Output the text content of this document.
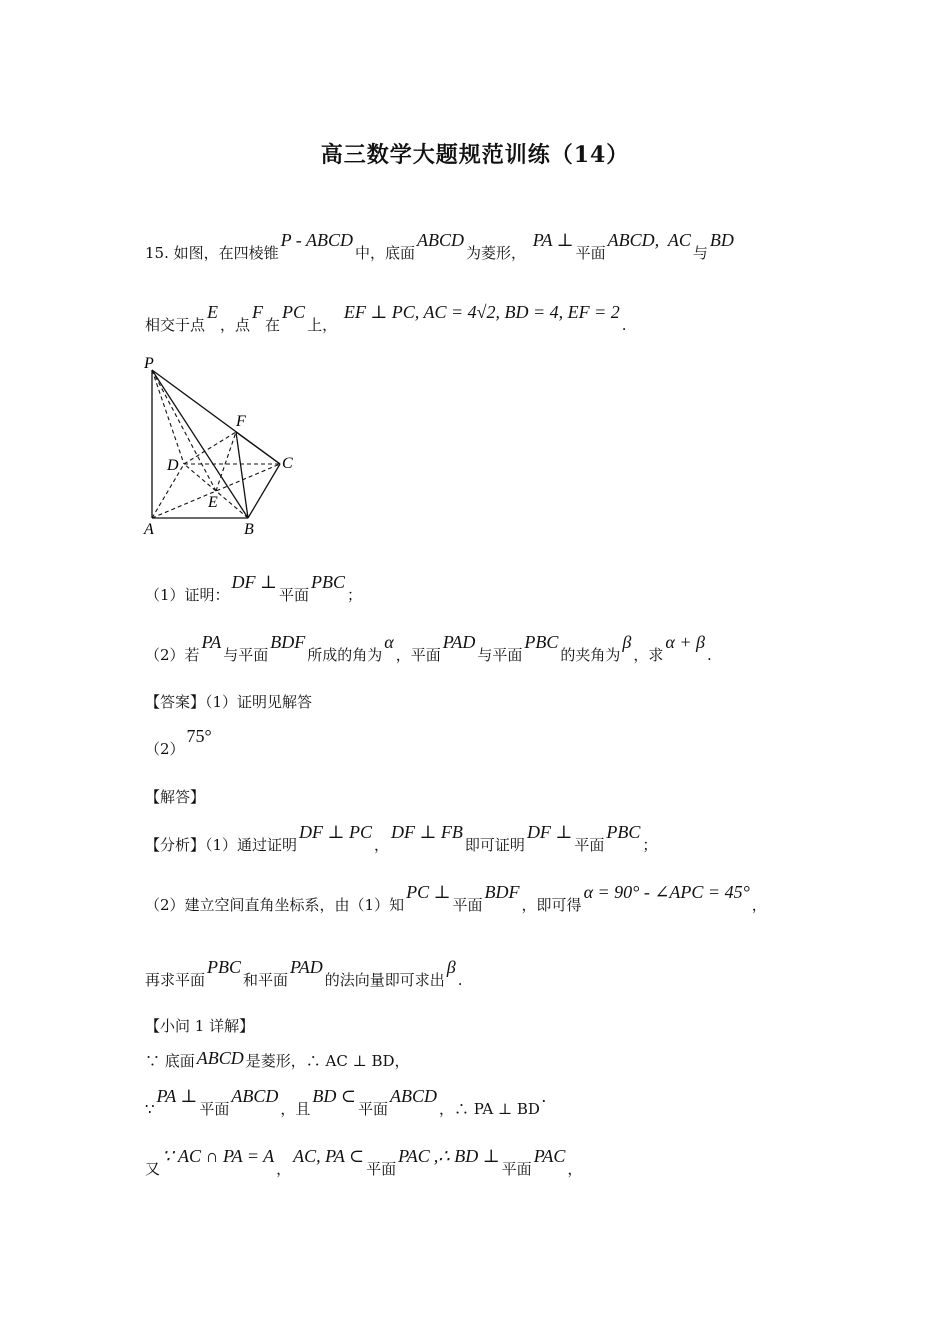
高三数学大题规范训练（14）
15. 如图，在四棱锥P - ABCD中，底面ABCD为菱形， PA ⊥平面ABCD, AC与BD
相交于点E，点F在PC上， EF ⊥ PC, AC = 4√2, BD = 4, EF = 2.
P
F
D	C
E
A	B
（1）证明：DF ⊥平面PBC；
（2）若PA与平面BDF所成的角为α，平面PAD与平面PBC的夹角为β，求α + β.
【答案】（1）证明见解答
（2）75°
【解答】
【分析】（1）通过证明DF ⊥ PC，DF ⊥ FB即可证明DF ⊥平面PBC；
（2）建立空间直角坐标系，由（1）知PC ⊥平面BDF，即可得α = 90° - ∠APC = 45°，
再求平面PBC和平面PAD的法向量即可求出β.
【小问 1 详解】
∵ 底面 ABCD 是菱形，∴ AC ⊥ BD，
∵PA ⊥平面ABCD，且BD ⊂平面ABCD，∴ PA ⊥ BD.
又∵ AC ∩ PA = A，AC, PA ⊂平面PAC ,∴ BD ⊥平面PAC，
